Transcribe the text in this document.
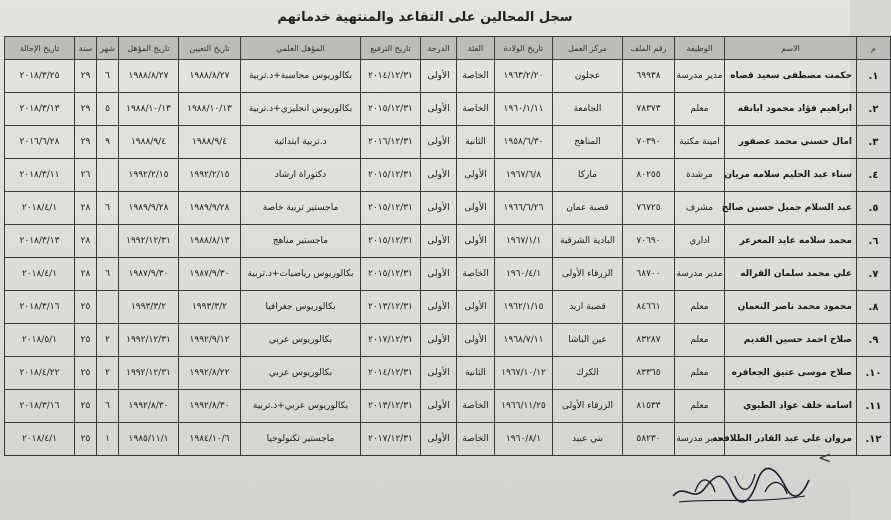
سجل المحالين على التقاعد والمنتهية خدماتهم
م	الاسم	الوظيفة	رقم الملف	مركز العمل	تاريخ الولادة	الفئة	الدرجة	تاريخ الترفيع	المؤهل العلمي	تاريخ التعيين	تاريخ المؤهل	شهر	سنة	تاريخ الإحالة
١.	حكمت مصطفى سعيد قضاه	مدير مدرسة	٦٩٩٣٨	عجلون	١٩٦٣/٢/٢٠	الخاصة	الأولى	٢٠١٤/١٢/٣١	بكالوريوس محاسبة+د.تربية	١٩٨٨/٨/٢٧	١٩٨٨/٨/٢٧	٦	٢٩	٢٠١٨/٣/٢٥
٢.	ابراهيم فؤاد محمود ابانقه	معلم	٧٨٣٧٣	الجامعة	١٩٦٠/١/١١	الخاصة	الأولى	٢٠١٥/١٢/٣١	بكالوريوس انجليزي+د.تربية	١٩٨٨/١٠/١٣	١٩٨٨/١٠/١٣	٥	٢٩	٢٠١٨/٣/١٣
٣.	امال حسني محمد عصفور	امينة مكتبة	٧٠٣٩٠	المناهج	١٩٥٨/٦/٣٠	الثانية	الأولى	٢٠١٦/١٢/٣١	د.تربية ابتدائية	١٩٨٨/٩/٤	١٩٨٨/٩/٤	٩	٢٩	٢٠١٦/٦/٢٨
٤.	سناء عبد الحليم سلامه مريان	مرشدة	٨٠٢٥٥	ماركا	١٩٦٧/٦/٨	الأولى	الأولى	٢٠١٥/١٢/٣١	دكتوراة ارشاد	١٩٩٢/٢/١٥	١٩٩٢/٢/١٥		٢٦	٢٠١٨/٣/١١
٥.	عبد السلام جميل حسين صالح	مشرف	٧٦٧٢٥	قصبة عمان	١٩٦٦/٦/٢٦	الأولى	الأولى	٢٠١٥/١٢/٣١	ماجستير تربية خاصة	١٩٨٩/٩/٢٨	١٩٨٩/٩/٢٨	٦	٢٨	٢٠١٨/٤/١
٦.	محمد سلامه عايد المعرعر	اداري	٧٠٦٩٠	البادية الشرقية	١٩٦٧/١/١	الأولى	الأولى	٢٠١٥/١٢/٣١	ماجستير مناهج	١٩٨٨/٨/١٣	١٩٩٢/١٢/٣١		٢٨	٢٠١٨/٣/١٣
٧.	علي محمد سلمان القراله	مدير مدرسة	٦٨٧٠٠	الزرقاء الأولى	١٩٦٠/٤/١	الخاصة	الأولى	٢٠١٥/١٢/٣١	بكالوريوس رياضيات+د.تربية	١٩٨٧/٩/٣٠	١٩٨٧/٩/٣٠	٦	٢٨	٢٠١٨/٤/١
٨.	محمود محمد ناصر النعمان	معلم	٨٤٦٦١	قصبة اربد	١٩٦٢/١/١٥	الأولى	الأولى	٢٠١٣/١٢/٣١	بكالوريوس جغرافيا	١٩٩٣/٣/٢	١٩٩٣/٣/٢		٢٥	٢٠١٨/٣/١٦
٩.	صلاح احمد حسين القديم	معلم	٨٣٢٨٧	عين الباشا	١٩٦٨/٧/١١	الأولى	الأولى	٢٠١٧/١٢/٣١	بكالوريوس عربي	١٩٩٢/٩/١٢	١٩٩٢/١٢/٣١	٢	٢٥	٢٠١٨/٥/١
١٠.	صلاح موسى عتيق الجعافره	معلم	٨٣٣٦٥	الكرك	١٩٦٧/١٠/١٢	الثانية	الأولى	٢٠١٤/١٢/٣١	بكالوريوس عربي	١٩٩٢/٨/٢٢	١٩٩٢/١٢/٣١	٢	٢٥	٢٠١٨/٤/٢٢
١١.	اسامه خلف عواد الطيوي	معلم	٨١٥٣٣	الزرقاء الأولى	١٩٦٦/١١/٢٥	الخاصة	الأولى	٢٠١٣/١٢/٣١	بكالوريوس عربي+د.تربية	١٩٩٢/٨/٣٠	١٩٩٢/٨/٣٠	٦	٢٥	٢٠١٨/٣/١٦
١٢.	مروان علي عبد القادر الطلافحه	مدير مدرسة	٥٨٢٣٠	بني عبيد	١٩٦٠/٨/١	الخاصة	الأولى	٢٠١٧/١٢/٣١	ماجستير تكنولوجيا	١٩٨٤/١٠/٦	١٩٨٥/١١/١	١	٢٥	٢٠١٨/٤/١
<
